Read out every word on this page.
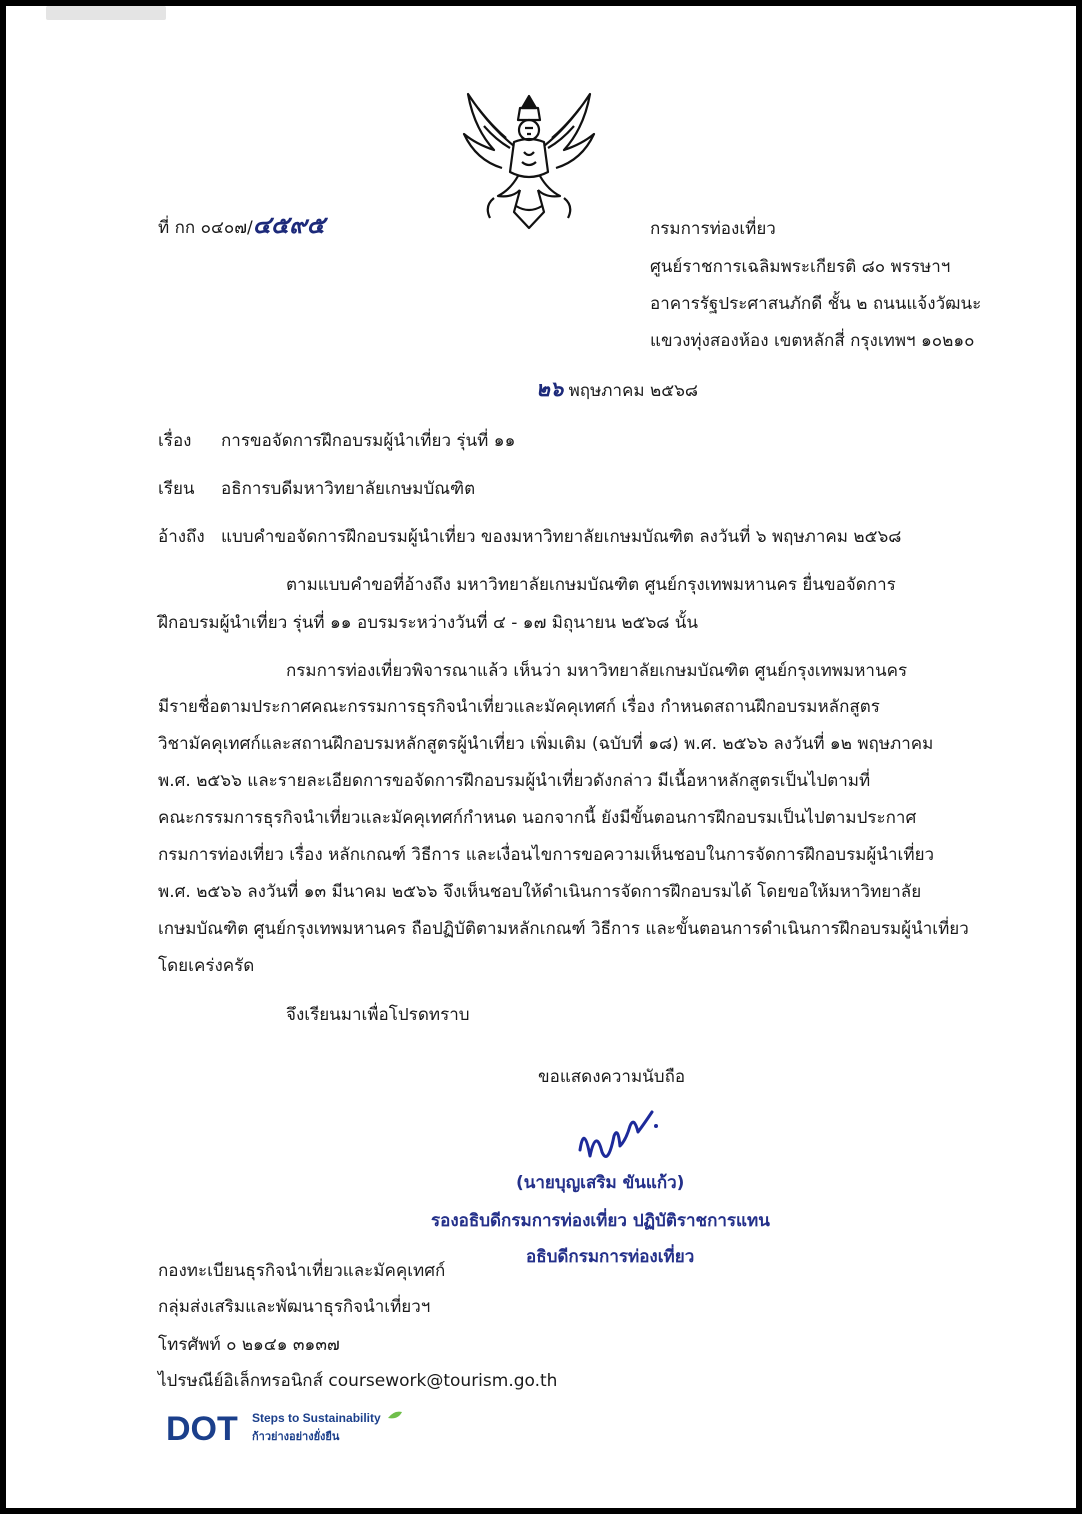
ที่ กก ๐๔๐๗/๔๕๙๕	กรมการท่องเที่ยว
ศูนย์ราชการเฉลิมพระเกียรติ ๘๐ พรรษาฯ
อาคารรัฐประศาสนภักดี ชั้น ๒ ถนนแจ้งวัฒนะ
แขวงทุ่งสองห้อง เขตหลักสี่ กรุงเทพฯ ๑๐๒๑๐
๒๖ พฤษภาคม ๒๕๖๘
เรื่อง การขอจัดการฝึกอบรมผู้นำเที่ยว รุ่นที่ ๑๑
เรียน อธิการบดีมหาวิทยาลัยเกษมบัณฑิต
อ้างถึง แบบคำขอจัดการฝึกอบรมผู้นำเที่ยว ของมหาวิทยาลัยเกษมบัณฑิต ลงวันที่ ๖ พฤษภาคม ๒๕๖๘
ตามแบบคำขอที่อ้างถึง มหาวิทยาลัยเกษมบัณฑิต ศูนย์กรุงเทพมหานคร ยื่นขอจัดการ
ฝึกอบรมผู้นำเที่ยว รุ่นที่ ๑๑ อบรมระหว่างวันที่ ๔ - ๑๗ มิถุนายน ๒๕๖๘ นั้น
กรมการท่องเที่ยวพิจารณาแล้ว เห็นว่า มหาวิทยาลัยเกษมบัณฑิต ศูนย์กรุงเทพมหานคร
มีรายชื่อตามประกาศคณะกรรมการธุรกิจนำเที่ยวและมัคคุเทศก์ เรื่อง กำหนดสถานฝึกอบรมหลักสูตร
วิชามัคคุเทศก์และสถานฝึกอบรมหลักสูตรผู้นำเที่ยว เพิ่มเติม (ฉบับที่ ๑๘) พ.ศ. ๒๕๖๖ ลงวันที่ ๑๒ พฤษภาคม
พ.ศ. ๒๕๖๖ และรายละเอียดการขอจัดการฝึกอบรมผู้นำเที่ยวดังกล่าว มีเนื้อหาหลักสูตรเป็นไปตามที่
คณะกรรมการธุรกิจนำเที่ยวและมัคคุเทศก์กำหนด นอกจากนี้ ยังมีขั้นตอนการฝึกอบรมเป็นไปตามประกาศ
กรมการท่องเที่ยว เรื่อง หลักเกณฑ์ วิธีการ และเงื่อนไขการขอความเห็นชอบในการจัดการฝึกอบรมผู้นำเที่ยว
พ.ศ. ๒๕๖๖ ลงวันที่ ๑๓ มีนาคม ๒๕๖๖ จึงเห็นชอบให้ดำเนินการจัดการฝึกอบรมได้ โดยขอให้มหาวิทยาลัย
เกษมบัณฑิต ศูนย์กรุงเทพมหานคร ถือปฏิบัติตามหลักเกณฑ์ วิธีการ และขั้นตอนการดำเนินการฝึกอบรมผู้นำเที่ยว
โดยเคร่งครัด
จึงเรียนมาเพื่อโปรดทราบ
ขอแสดงความนับถือ
(นายบุญเสริม ขันแก้ว)
รองอธิบดีกรมการท่องเที่ยว ปฏิบัติราชการแทน
อธิบดีกรมการท่องเที่ยว
กองทะเบียนธุรกิจนำเที่ยวและมัคคุเทศก์
กลุ่มส่งเสริมและพัฒนาธุรกิจนำเที่ยวฯ
โทรศัพท์ ๐ ๒๑๔๑ ๓๑๓๗
ไปรษณีย์อิเล็กทรอนิกส์ coursework@tourism.go.th
DOT Steps to Sustainability
ก้าวย่างอย่างยั่งยืน
